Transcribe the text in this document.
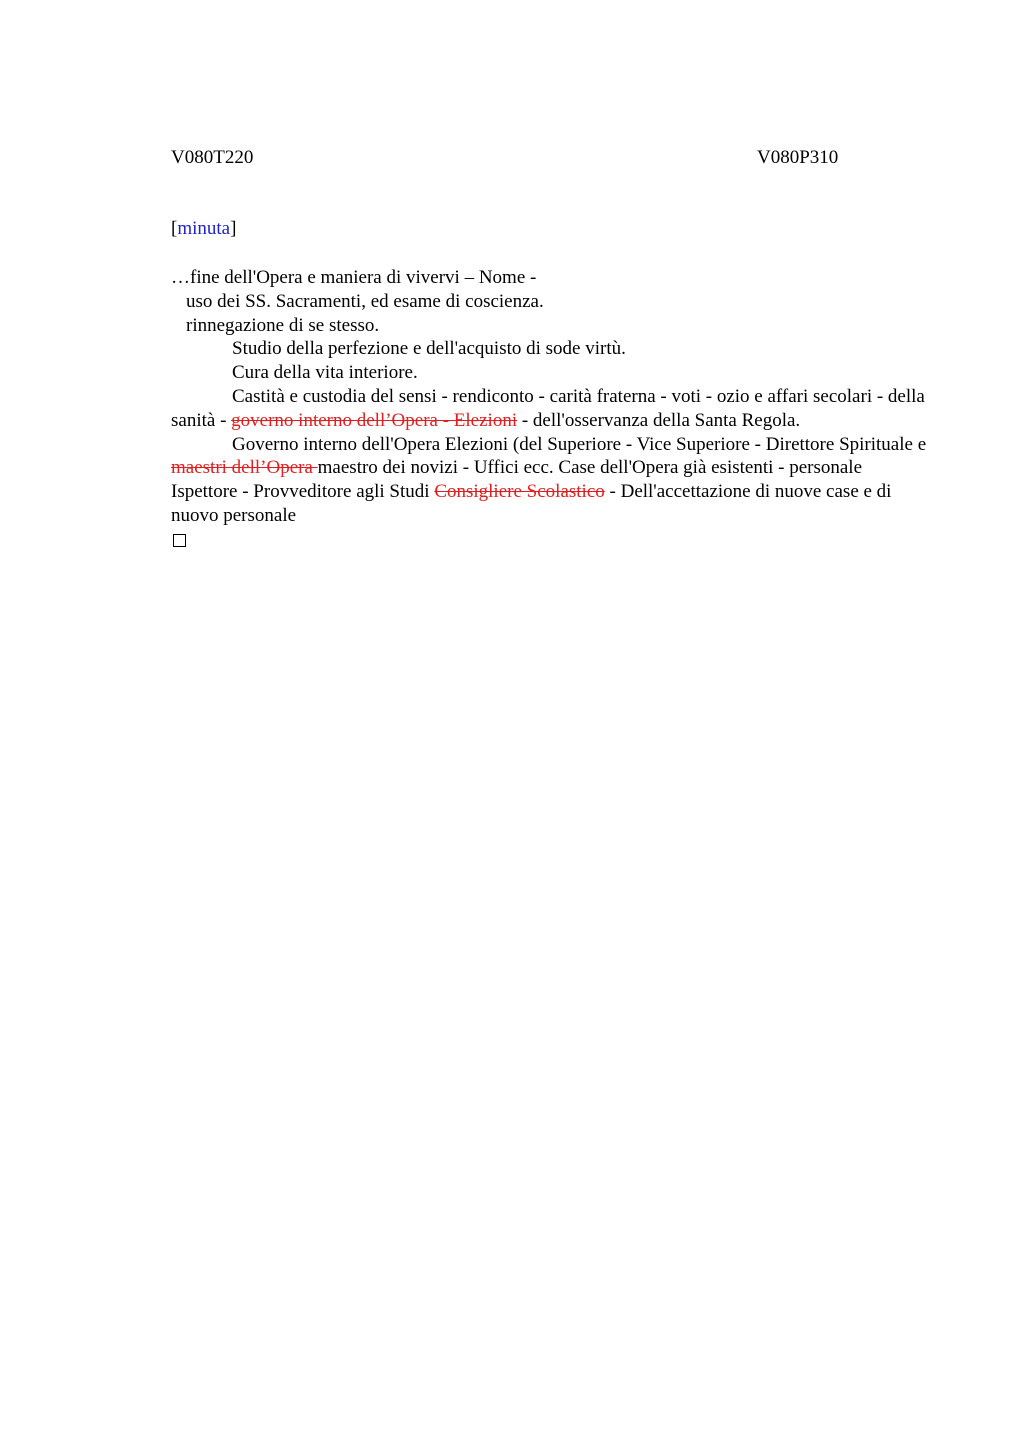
V080T220	V080P310
[minuta]
…fine dell'Opera e maniera di vivervi – Nome -
uso dei SS. Sacramenti, ed esame di coscienza.
rinnegazione di se stesso.
Studio della perfezione e dell'acquisto di sode virtù.
Cura della vita interiore.
Castità e custodia del sensi - rendiconto - carità fraterna - voti - ozio e affari secolari - della sanità - governo interno dell’Opera - Elezioni - dell'osservanza della Santa Regola.
Governo interno dell'Opera Elezioni (del Superiore - Vice Superiore - Direttore Spirituale e maestri dell’Opera maestro dei novizi - Uffici ecc. Case dell'Opera già esistenti - personale Ispettore - Provveditore agli Studi Consigliere Scolastico - Dell'accettazione di nuove case e di nuovo personale
